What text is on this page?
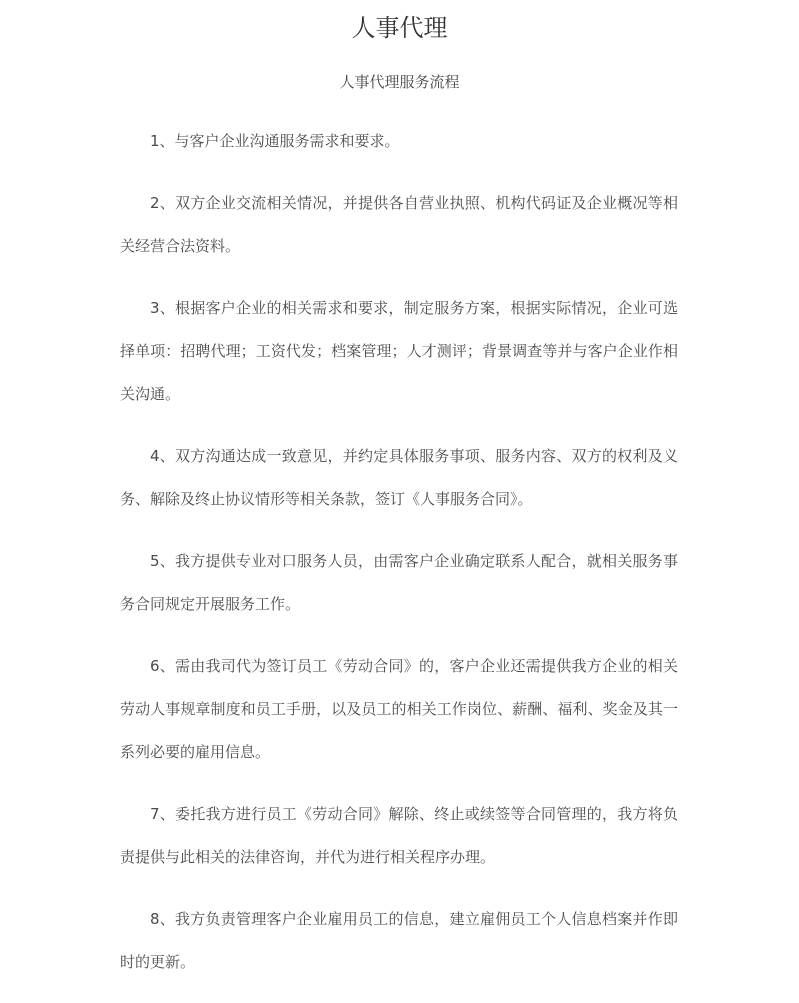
人事代理

人事代理服务流程

1、与客户企业沟通服务需求和要求。

2、双方企业交流相关情况，并提供各自营业执照、机构代码证及企业概况等相关经营合法资料。

3、根据客户企业的相关需求和要求，制定服务方案，根据实际情况，企业可选择单项：招聘代理；工资代发；档案管理；人才测评；背景调查等并与客户企业作相关沟通。

4、双方沟通达成一致意见，并约定具体服务事项、服务内容、双方的权利及义务、解除及终止协议情形等相关条款，签订《人事服务合同》。

5、我方提供专业对口服务人员，由需客户企业确定联系人配合，就相关服务事务合同规定开展服务工作。

6、需由我司代为签订员工《劳动合同》的，客户企业还需提供我方企业的相关劳动人事规章制度和员工手册，以及员工的相关工作岗位、薪酬、福利、奖金及其一系列必要的雇用信息。

7、委托我方进行员工《劳动合同》解除、终止或续签等合同管理的，我方将负责提供与此相关的法律咨询，并代为进行相关程序办理。

8、我方负责管理客户企业雇用员工的信息，建立雇佣员工个人信息档案并作即时的更新。
